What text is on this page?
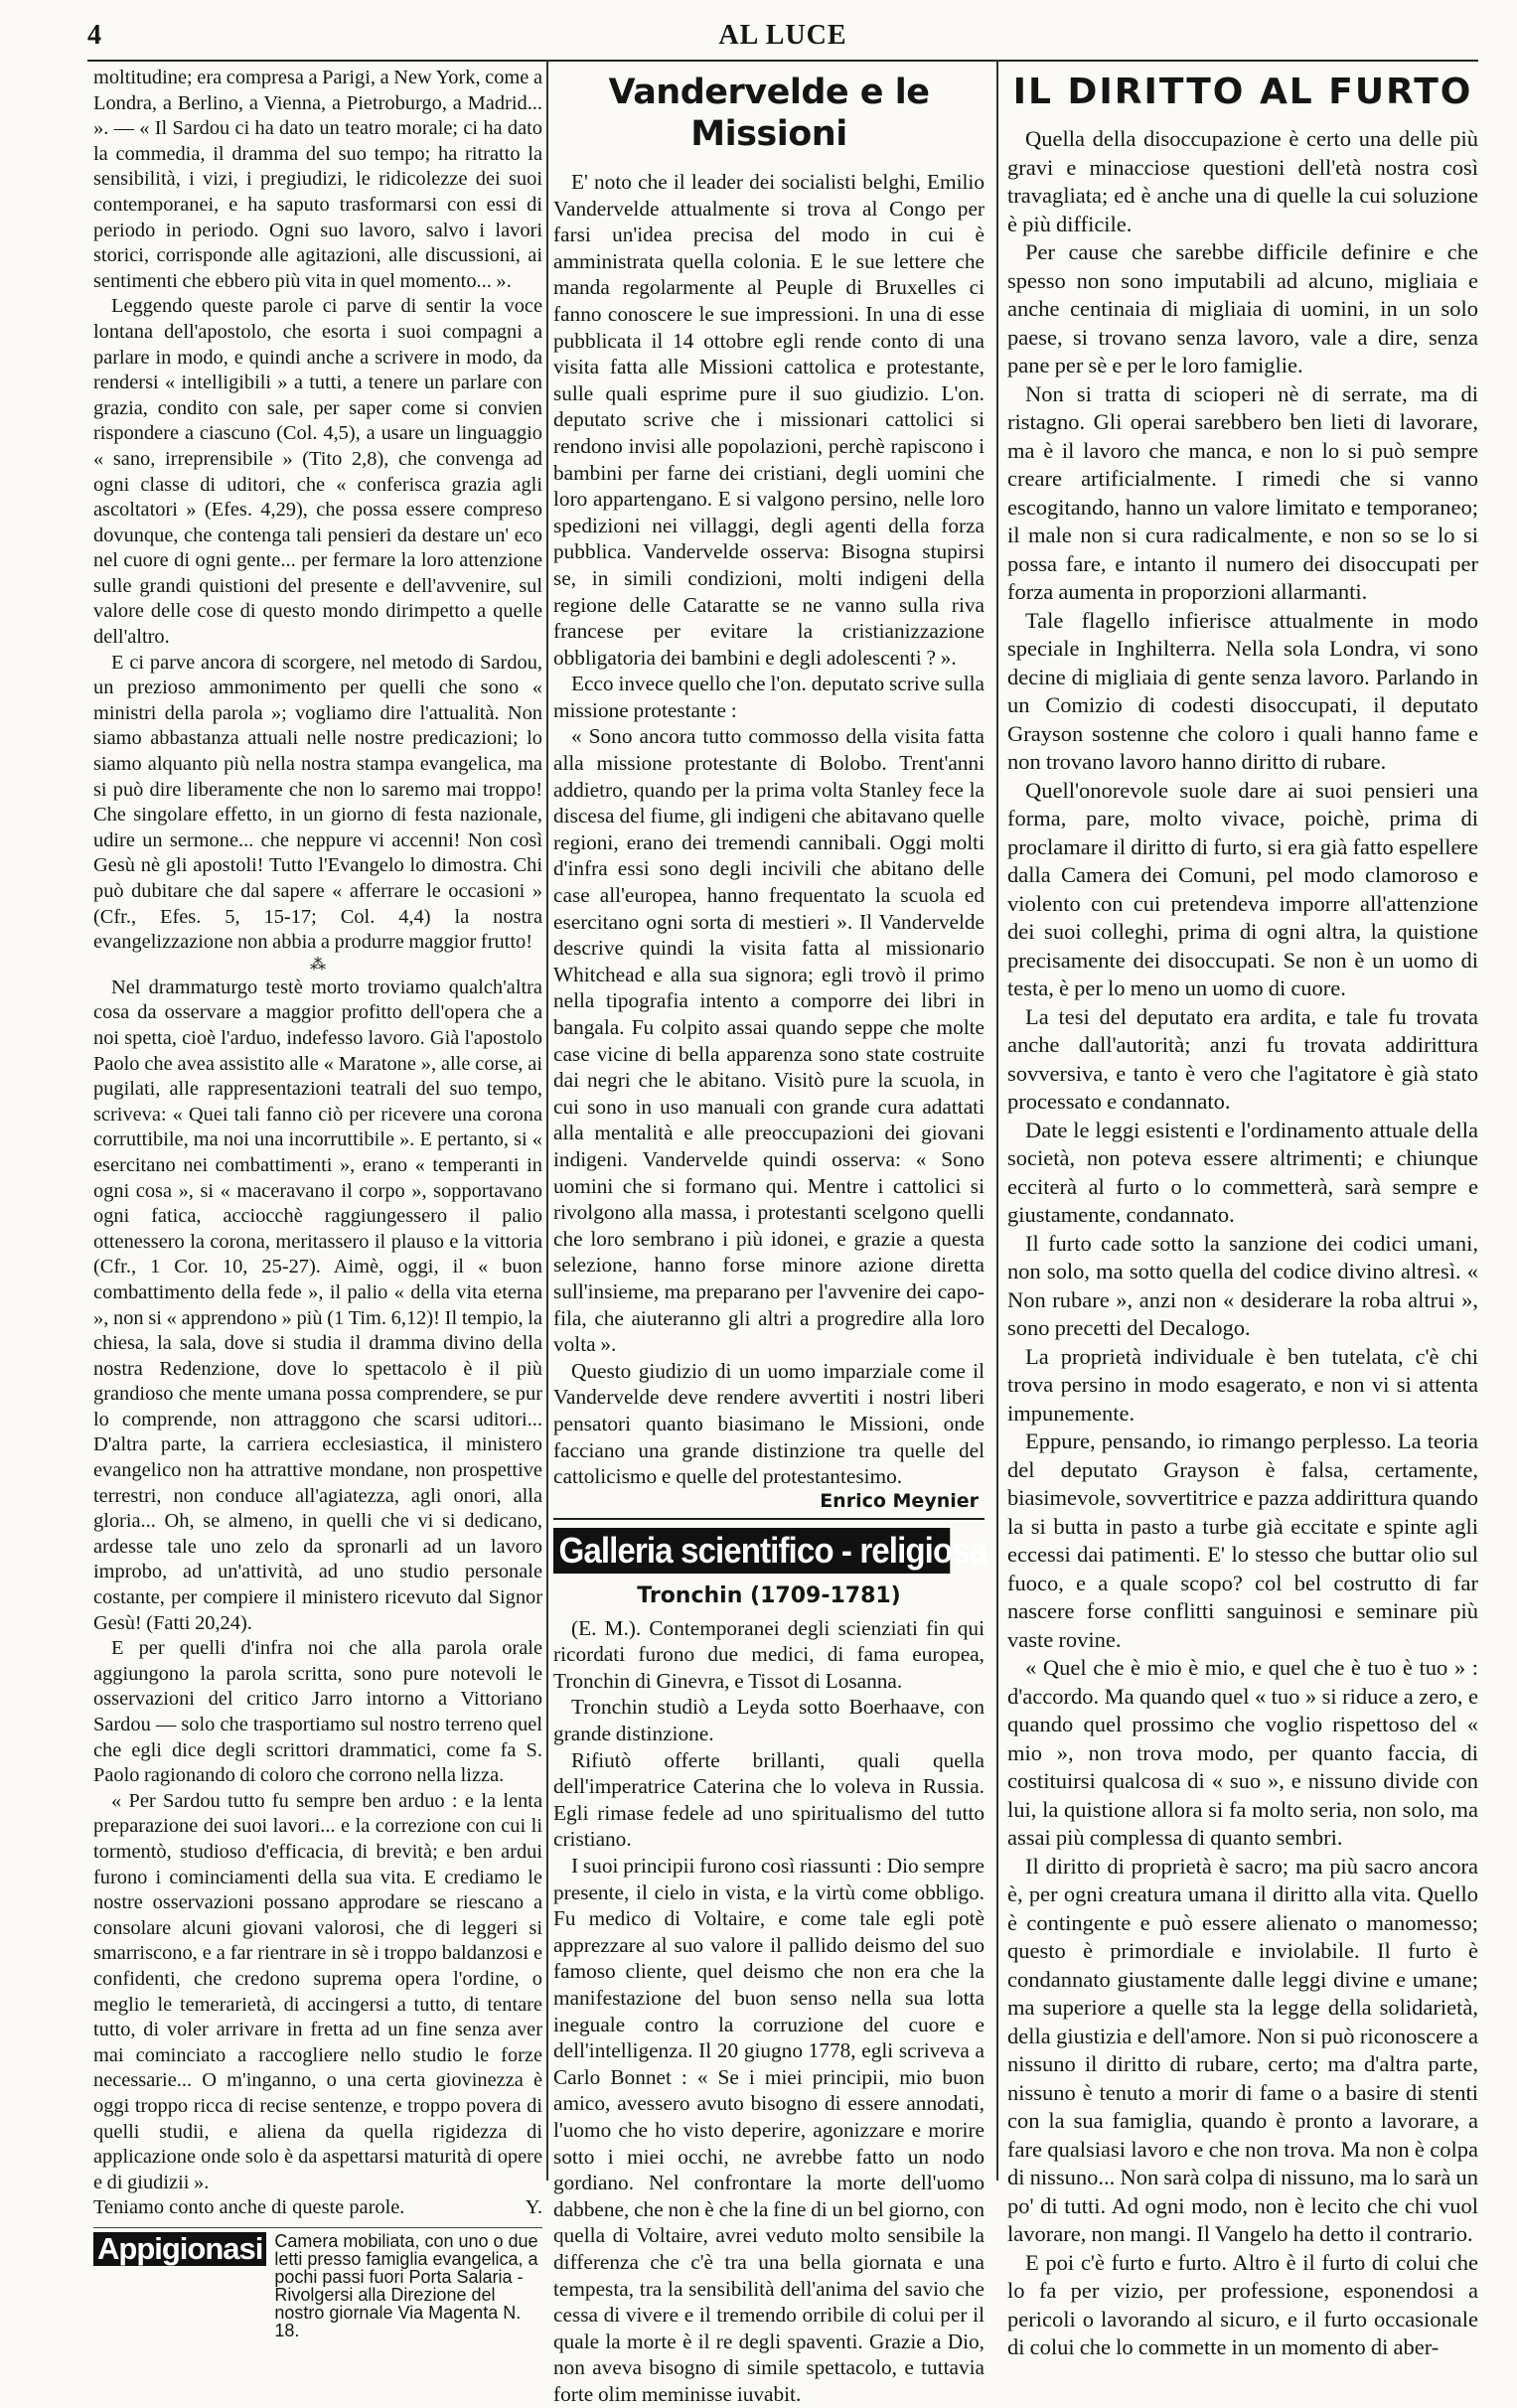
4	AL LUCE

moltitudine; era compresa a Parigi, a New York, come a Londra, a Berlino, a Vienna, a Pietroburgo, a Madrid... ». — « Il Sardou ci ha dato un teatro morale; ci ha dato la commedia, il dramma del suo tempo; ha ritratto la sensibilità, i vizi, i pregiudizi, le ridicolezze dei suoi contemporanei, e ha saputo trasformarsi con essi di periodo in periodo. Ogni suo lavoro, salvo i lavori storici, corrisponde alle agitazioni, alle discussioni, ai sentimenti che ebbero più vita in quel momento... ».

Leggendo queste parole ci parve di sentir la voce lontana dell'apostolo, che esorta i suoi compagni a parlare in modo, e quindi anche a scrivere in modo, da rendersi « intelligibili » a tutti, a tenere un parlare con grazia, condito con sale, per saper come si convien rispondere a ciascuno (Col. 4,5), a usare un linguaggio « sano, irreprensibile » (Tito 2,8), che convenga ad ogni classe di uditori, che « conferisca grazia agli ascoltatori » (Efes. 4,29), che possa essere compreso dovunque, che contenga tali pensieri da destare un' eco nel cuore di ogni gente... per fermare la loro attenzione sulle grandi quistioni del presente e dell'avvenire, sul valore delle cose di questo mondo dirimpetto a quelle dell'altro.

E ci parve ancora di scorgere, nel metodo di Sardou, un prezioso ammonimento per quelli che sono « ministri della parola »; vogliamo dire l'attualità. Non siamo abbastanza attuali nelle nostre predicazioni; lo siamo alquanto più nella nostra stampa evangelica, ma si può dire liberamente che non lo saremo mai troppo! Che singolare effetto, in un giorno di festa nazionale, udire un sermone... che neppure vi accenni! Non così Gesù nè gli apostoli! Tutto l'Evangelo lo dimostra. Chi può dubitare che dal sapere « afferrare le occasioni » (Cfr., Efes. 5, 15-17; Col. 4,4) la nostra evangelizzazione non abbia a produrre maggior frutto!

⁂

Nel drammaturgo testè morto troviamo qualch'altra cosa da osservare a maggior profitto dell'opera che a noi spetta, cioè l'arduo, indefesso lavoro. Già l'apostolo Paolo che avea assistito alle « Maratone », alle corse, ai pugilati, alle rappresentazioni teatrali del suo tempo, scriveva: « Quei tali fanno ciò per ricevere una corona corruttibile, ma noi una incorruttibile ». E pertanto, si « esercitano nei combattimenti », erano « temperanti in ogni cosa », si « maceravano il corpo », sopportavano ogni fatica, acciocchè raggiungessero il palio ottenessero la corona, meritassero il plauso e la vittoria (Cfr., 1 Cor. 10, 25-27). Aimè, oggi, il « buon combattimento della fede », il palio « della vita eterna », non si « apprendono » più (1 Tim. 6,12)! Il tempio, la chiesa, la sala, dove si studia il dramma divino della nostra Redenzione, dove lo spettacolo è il più grandioso che mente umana possa comprendere, se pur lo comprende, non attraggono che scarsi uditori... D'altra parte, la carriera ecclesiastica, il ministero evangelico non ha attrattive mondane, non prospettive terrestri, non conduce all'agiatezza, agli onori, alla gloria... Oh, se almeno, in quelli che vi si dedicano, ardesse tale uno zelo da spronarli ad un lavoro improbo, ad un'attività, ad uno studio personale costante, per compiere il ministero ricevuto dal Signor Gesù! (Fatti 20,24).

E per quelli d'infra noi che alla parola orale aggiungono la parola scritta, sono pure notevoli le osservazioni del critico Jarro intorno a Vittoriano Sardou — solo che trasportiamo sul nostro terreno quel che egli dice degli scrittori drammatici, come fa S. Paolo ragionando di coloro che corrono nella lizza.

« Per Sardou tutto fu sempre ben arduo : e la lenta preparazione dei suoi lavori... e la correzione con cui li tormentò, studioso d'efficacia, di brevità; e ben ardui furono i cominciamenti della sua vita. E crediamo le nostre osservazioni possano approdare se riescano a consolare alcuni giovani valorosi, che di leggeri si smarriscono, e a far rientrare in sè i troppo baldanzosi e confidenti, che credono suprema opera l'ordine, o meglio le temerarietà, di accingersi a tutto, di tentare tutto, di voler arrivare in fretta ad un fine senza aver mai cominciato a raccogliere nello studio le forze necessarie... O m'inganno, o una certa giovinezza è oggi troppo ricca di recise sentenze, e troppo povera di quelli studii, e aliena da quella rigidezza di applicazione onde solo è da aspettarsi maturità di opere e di giudizii ».

Teniamo conto anche di queste parole.	Y.
Appigionasi Camera mobiliata, con uno o due letti presso famiglia evangelica, a pochi passi fuori Porta Salaria - Rivolgersi alla Direzione del nostro giornale Via Magenta N. 18.
Vandervelde e le Missioni

E' noto che il leader dei socialisti belghi, Emilio Vandervelde attualmente si trova al Congo per farsi un'idea precisa del modo in cui è amministrata quella colonia. E le sue lettere che manda regolarmente al Peuple di Bruxelles ci fanno conoscere le sue impressioni. In una di esse pubblicata il 14 ottobre egli rende conto di una visita fatta alle Missioni cattolica e protestante, sulle quali esprime pure il suo giudizio. L'on. deputato scrive che i missionari cattolici si rendono invisi alle popolazioni, perchè rapiscono i bambini per farne dei cristiani, degli uomini che loro appartengano. E si valgono persino, nelle loro spedizioni nei villaggi, degli agenti della forza pubblica. Vandervelde osserva: Bisogna stupirsi se, in simili condizioni, molti indigeni della regione delle Cataratte se ne vanno sulla riva francese per evitare la cristianizzazione obbligatoria dei bambini e degli adolescenti ? ».

Ecco invece quello che l'on. deputato scrive sulla missione protestante :

« Sono ancora tutto commosso della visita fatta alla missione protestante di Bolobo. Trent'anni addietro, quando per la prima volta Stanley fece la discesa del fiume, gli indigeni che abitavano quelle regioni, erano dei tremendi cannibali. Oggi molti d'infra essi sono degli incivili che abitano delle case all'europea, hanno frequentato la scuola ed esercitano ogni sorta di mestieri ». Il Vandervelde descrive quindi la visita fatta al missionario Whitchead e alla sua signora; egli trovò il primo nella tipografia intento a comporre dei libri in bangala. Fu colpito assai quando seppe che molte case vicine di bella apparenza sono state costruite dai negri che le abitano. Visitò pure la scuola, in cui sono in uso manuali con grande cura adattati alla mentalità e alle preoccupazioni dei giovani indigeni. Vandervelde quindi osserva: « Sono uomini che si formano qui. Mentre i cattolici si rivolgono alla massa, i protestanti scelgono quelli che loro sembrano i più idonei, e grazie a questa selezione, hanno forse minore azione diretta sull'insieme, ma preparano per l'avvenire dei capo-fila, che aiuteranno gli altri a progredire alla loro volta ».

Questo giudizio di un uomo imparziale come il Vandervelde deve rendere avvertiti i nostri liberi pensatori quanto biasimano le Missioni, onde facciano una grande distinzione tra quelle del cattolicismo e quelle del protestantesimo.

Enrico Meynier
Galleria scientifico - religiosa
Tronchin (1709-1781)

(E. M.). Contemporanei degli scienziati fin qui ricordati furono due medici, di fama europea, Tronchin di Ginevra, e Tissot di Losanna.

Tronchin studiò a Leyda sotto Boerhaave, con grande distinzione.

Rifiutò offerte brillanti, quali quella dell'imperatrice Caterina che lo voleva in Russia. Egli rimase fedele ad uno spiritualismo del tutto cristiano.

I suoi principii furono così riassunti : Dio sempre presente, il cielo in vista, e la virtù come obbligo. Fu medico di Voltaire, e come tale egli potè apprezzare al suo valore il pallido deismo del suo famoso cliente, quel deismo che non era che la manifestazione del buon senso nella sua lotta ineguale contro la corruzione del cuore e dell'intelligenza. Il 20 giugno 1778, egli scriveva a Carlo Bonnet : « Se i miei principii, mio buon amico, avessero avuto bisogno di essere annodati, l'uomo che ho visto deperire, agonizzare e morire sotto i miei occhi, ne avrebbe fatto un nodo gordiano. Nel confrontare la morte dell'uomo dabbene, che non è che la fine di un bel giorno, con quella di Voltaire, avrei veduto molto sensibile la differenza che c'è tra una bella giornata e una tempesta, tra la sensibilità dell'anima del savio che cessa di vivere e il tremendo orribile di colui per il quale la morte è il re degli spaventi. Grazie a Dio, non aveva bisogno di simile spettacolo, e tuttavia forte olim meminisse iuvabit.

IL DIRITTO AL FURTO

Quella della disoccupazione è certo una delle più gravi e minacciose questioni dell'età nostra così travagliata; ed è anche una di quelle la cui soluzione è più difficile.

Per cause che sarebbe difficile definire e che spesso non sono imputabili ad alcuno, migliaia e anche centinaia di migliaia di uomini, in un solo paese, si trovano senza lavoro, vale a dire, senza pane per sè e per le loro famiglie.

Non si tratta di scioperi nè di serrate, ma di ristagno. Gli operai sarebbero ben lieti di lavorare, ma è il lavoro che manca, e non lo si può sempre creare artificialmente. I rimedi che si vanno escogitando, hanno un valore limitato e temporaneo; il male non si cura radicalmente, e non so se lo si possa fare, e intanto il numero dei disoccupati per forza aumenta in proporzioni allarmanti.

Tale flagello infierisce attualmente in modo speciale in Inghilterra. Nella sola Londra, vi sono decine di migliaia di gente senza lavoro. Parlando in un Comizio di codesti disoccupati, il deputato Grayson sostenne che coloro i quali hanno fame e non trovano lavoro hanno diritto di rubare.

Quell'onorevole suole dare ai suoi pensieri una forma, pare, molto vivace, poichè, prima di proclamare il diritto di furto, si era già fatto espellere dalla Camera dei Comuni, pel modo clamoroso e violento con cui pretendeva imporre all'attenzione dei suoi colleghi, prima di ogni altra, la quistione precisamente dei disoccupati. Se non è un uomo di testa, è per lo meno un uomo di cuore.

La tesi del deputato era ardita, e tale fu trovata anche dall'autorità; anzi fu trovata addirittura sovversiva, e tanto è vero che l'agitatore è già stato processato e condannato.

Date le leggi esistenti e l'ordinamento attuale della società, non poteva essere altrimenti; e chiunque ecciterà al furto o lo commetterà, sarà sempre e giustamente, condannato.

Il furto cade sotto la sanzione dei codici umani, non solo, ma sotto quella del codice divino altresì. « Non rubare », anzi non « desiderare la roba altrui », sono precetti del Decalogo.

La proprietà individuale è ben tutelata, c'è chi trova persino in modo esagerato, e non vi si attenta impunemente.

Eppure, pensando, io rimango perplesso. La teoria del deputato Grayson è falsa, certamente, biasimevole, sovvertitrice e pazza addirittura quando la si butta in pasto a turbe già eccitate e spinte agli eccessi dai patimenti. E' lo stesso che buttar olio sul fuoco, e a quale scopo? col bel costrutto di far nascere forse conflitti sanguinosi e seminare più vaste rovine.

« Quel che è mio è mio, e quel che è tuo è tuo » : d'accordo. Ma quando quel « tuo » si riduce a zero, e quando quel prossimo che voglio rispettoso del « mio », non trova modo, per quanto faccia, di costituirsi qualcosa di « suo », e nissuno divide con lui, la quistione allora si fa molto seria, non solo, ma assai più complessa di quanto sembri.

Il diritto di proprietà è sacro; ma più sacro ancora è, per ogni creatura umana il diritto alla vita. Quello è contingente e può essere alienato o manomesso; questo è primordiale e inviolabile. Il furto è condannato giustamente dalle leggi divine e umane; ma superiore a quelle sta la legge della solidarietà, della giustizia e dell'amore. Non si può riconoscere a nissuno il diritto di rubare, certo; ma d'altra parte, nissuno è tenuto a morir di fame o a basire di stenti con la sua famiglia, quando è pronto a lavorare, a fare qualsiasi lavoro e che non trova. Ma non è colpa di nissuno... Non sarà colpa di nissuno, ma lo sarà un po' di tutti. Ad ogni modo, non è lecito che chi vuol lavorare, non mangi. Il Vangelo ha detto il contrario.

E poi c'è furto e furto. Altro è il furto di colui che lo fa per vizio, per professione, esponendosi a pericoli o lavorando al sicuro, e il furto occasionale di colui che lo commette in un momento di aber-
